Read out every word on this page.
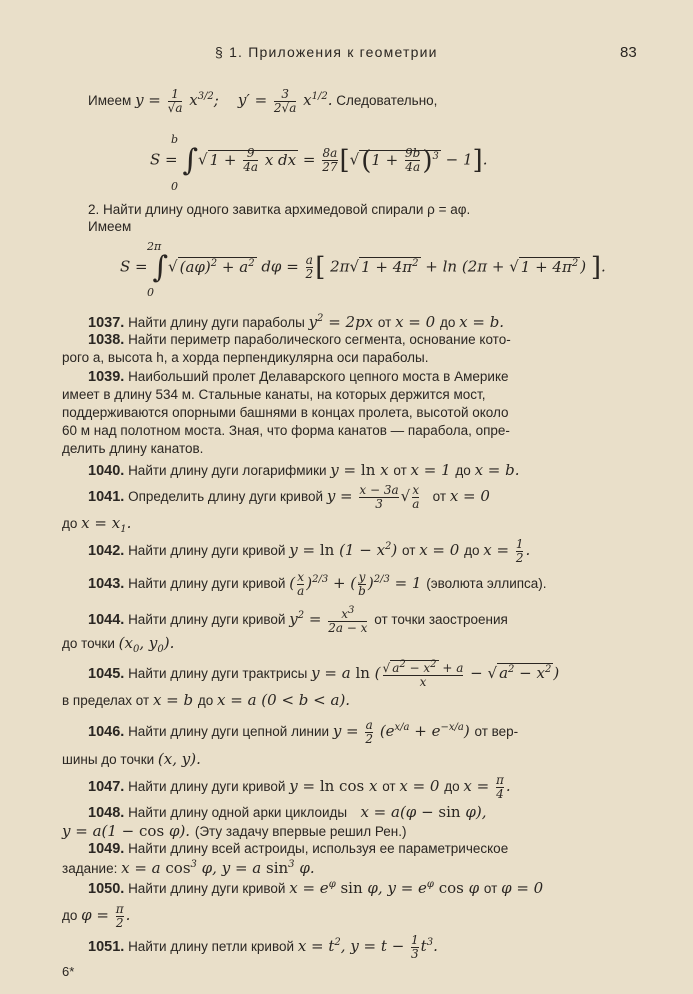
§ 1. Приложения к геометрии	83
Имеем $y = \frac{1}{√a} x^{3/2}$;    $y' = \frac{3}{2√a} x^{1/2}$. Следовательно,
S = ∫√ $1 + \frac{9}{4a}$ x dx = $\frac{8a}{27} [√(1 + \frac{9b}{4a} )^3 - 1]$.
b
0
2. Найти длину одного завитка архимедовой спирали ρ = aφ.
Имеем
S = ∫√ $(a\varphi)^2 + a^2$ $d\varphi = \frac{a}{2}$ [ 2π√ $1 + 4\pi^2 + \ln (2\pi$ + √ $1 + 4\pi^2$ ) ].
2π
0
1037. Найти длину дуги параболы $y^2 = 2px$ от x = 0 до x = b.
1038. Найти периметр параболического сегмента, основание кото-
рого a, высота h, а хорда перпендикулярна оси параболы.
1039. Наибольший пролет Делаварского цепного моста в Америке
имеет в длину 534 м. Стальные канаты, на которых держится мост,
поддерживаются опорными башнями в концах пролета, высотой около
60 м над полотном моста. Зная, что форма канатов — парабола, опре-
делить длину канатов.
1040. Найти длину дуги логарифмики y = ln x от x = 1 до x = b.
1041. Определить длину дуги кривой $y = \frac{x - 3a}{3}$ √ $\frac{x}{a}$ от x = 0
до $x = x_1$.
1042. Найти длину дуги кривой $y = \ln (1 - x^2)$ от x = 0 до $x = \frac{1}{2}$ .
1043. Найти длину дуги кривой ( $\frac{x}{a} )^{2/3}$ + ( $\frac{y}{b} )^{2/3} = 1$ (эволюта эллипса).
1044. Найти длину дуги кривой $y^2 = \frac{x^3}{2a - x}$ от точки заостроения
до точки ($x_0$, $y_0$).
1045. Найти длину дуги трактрисы y = a ln ( $\frac{√ a^2 - x^2 + a}{x}$ − √ $a^2 - x^2$ )
в пределах от x = b до x = a (0 < b < a).
1046. Найти длину дуги цепной линии $y = \frac{a}{2} (e^{x/a} + e^{-x/a})$ от вер-
шины до точки (x, y).
1047. Найти длину дуги кривой y = ln cos x от x = 0 до $x = \frac{\pi}{4}$ .
1048. Найти длину одной арки циклоиды   x = a(φ − sin φ),
y = a(1 − cos φ). (Эту задачу впервые решил Рен.)
1049. Найти длину всей астроиды, используя ее параметрическое
задание: x = a $\cos^3 \varphi$, y = a $\sin^3 \varphi$.
1050. Найти длину дуги кривой $x = e^\varphi$ sin φ, $y = e^\varphi$ cos φ от φ = 0
до $\varphi = \frac{\pi}{2}$ .
1051. Найти длину петли кривой $x = t^2$, $y = t - \frac{1}{3} t^3$.
6*
